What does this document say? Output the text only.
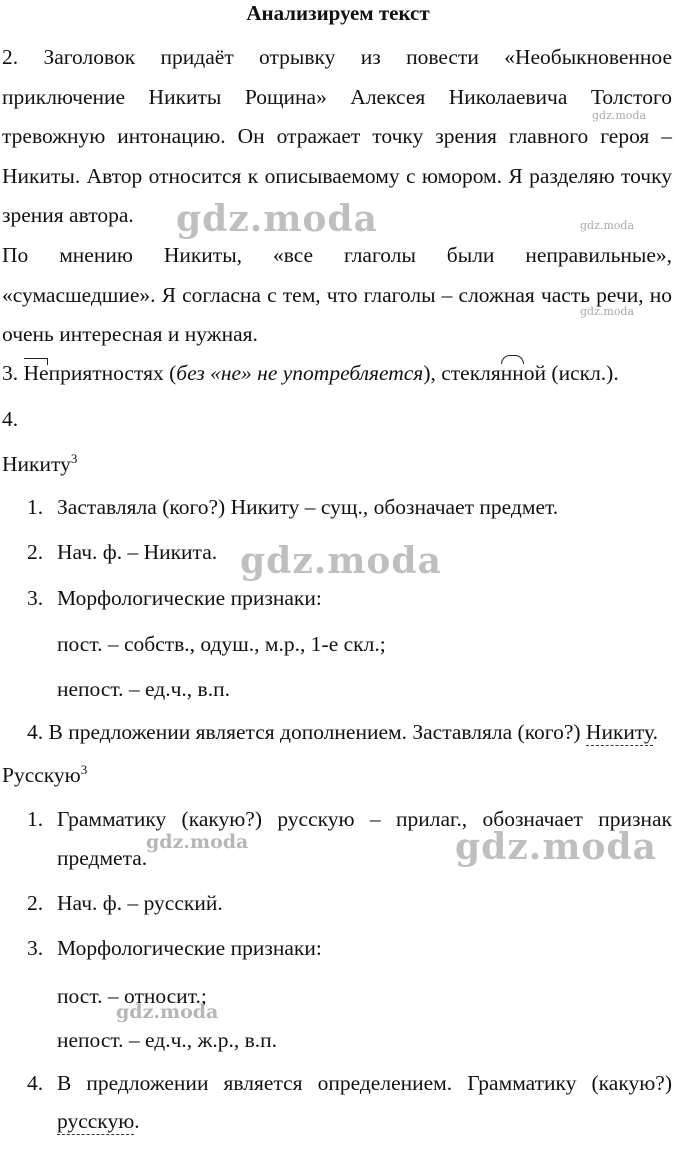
Анализируем текст
2. Заголовок придаёт отрывку из повести «Необыкновенное приключение Никиты Рощина» Алексея Николаевича Толстого тревожную интонацию. Он отражает точку зрения главного героя – Никиты. Автор относится к описываемому с юмором. Я разделяю точку зрения автора.
По мнению Никиты, «все глаголы были неправильные», «сумасшедшие». Я согласна с тем, что глаголы – сложная часть речи, но очень интересная и нужная.
3. Неприятностях (без «не» не употребляется), стеклянной (искл.).
4.
Никиту$^3$
1. Заставляла (кого?) Никиту – сущ., обозначает предмет.
2. Нач. ф. – Никита.
3. Морфологические признаки:
пост. – собств., одуш., м.р., 1-е скл.;
непост. – ед.ч., в.п.
4. В предложении является дополнением. Заставляла (кого?) Никиту.
Русскую$^3$
1. Грамматику (какую?) русскую – прилаг., обозначает признак
предмета.
2. Нач. ф. – русский.
3. Морфологические признаки:
пост. – относит.;
непост. – ед.ч., ж.р., в.п.
4. В предложении является определением. Грамматику (какую?)
русскую.
gdz.moda
gdz.moda
gdz.moda
gdz.moda
gdz.moda
gdz.moda
gdz.moda
gdz.moda
